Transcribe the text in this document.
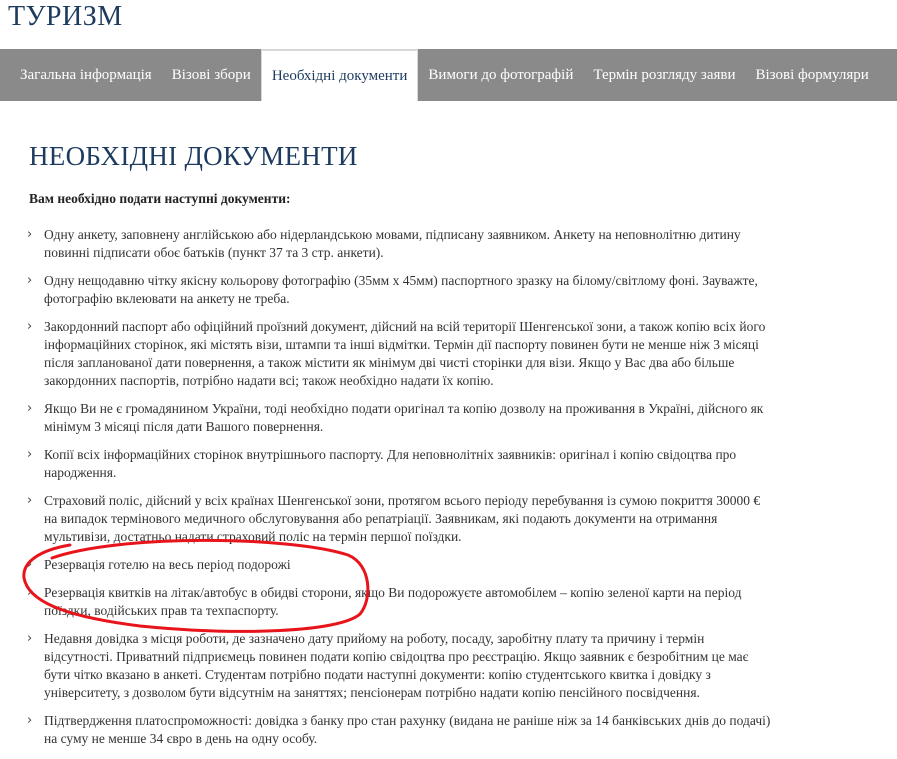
ТУРИЗМ
Загальна інформація	Візові збори	Необхідні документи	Вимоги до фотографій	Термін розгляду заяви	Візові формуляри
НЕОБХІДНІ ДОКУМЕНТИ

Вам необхідно подати наступні документи:

› Одну анкету, заповнену англійською або нідерландською мовами, підписану заявником. Анкету на неповнолітню дитину повинні підписати обоє батьків (пункт 37 та 3 стр. анкети).
› Одну нещодавню чітку якісну кольорову фотографію (35мм х 45мм) паспортного зразку на білому/світлому фоні. Зауважте, фотографію вклеювати на анкету не треба.
› Закордонний паспорт або офіційний проїзний документ, дійсний на всій території Шенгенської зони, а також копію всіх його інформаційних сторінок, які містять візи, штампи та інші відмітки. Термін дії паспорту повинен бути не менше ніж 3 місяці після запланованої дати повернення, а також містити як мінімум дві чисті сторінки для візи. Якщо у Вас два або більше закордонних паспортів, потрібно надати всі; також необхідно надати їх копію.
› Якщо Ви не є громадянином України, тоді необхідно подати оригінал та копію дозволу на проживання в Україні, дійсного як мінімум 3 місяці після дати Вашого повернення.
› Копії всіх інформаційних сторінок внутрішнього паспорту. Для неповнолітніх заявників: оригінал і копію свідоцтва про народження.
› Страховий поліс, дійсний у всіх країнах Шенгенської зони, протягом всього періоду перебування із сумою покриття 30000 € на випадок термінового медичного обслуговування або репатріації. Заявникам, які подають документи на отримання мультивізи, достатньо надати страховий поліс на термін першої поїздки.
› Резервація готелю на весь період подорожі
› Резервація квитків на літак/автобус в обидві сторони, якщо Ви подорожуєте автомобілем – копію зеленої карти на період поїздки, водійських прав та техпаспорту.
› Недавня довідка з місця роботи, де зазначено дату прийому на роботу, посаду, заробітну плату та причину і термін відсутності. Приватний підприємець повинен подати копію свідоцтва про реєстрацію. Якщо заявник є безробітним це має бути чітко вказано в анкеті. Студентам потрібно подати наступні документи: копію студентського квитка і довідку з університету, з дозволом бути відсутнім на заняттях; пенсіонерам потрібно надати копію пенсійного посвідчення.
› Підтвердження платоспроможності: довідка з банку про стан рахунку (видана не раніше ніж за 14 банківських днів до подачі) на суму не менше 34 євро в день на одну особу.
